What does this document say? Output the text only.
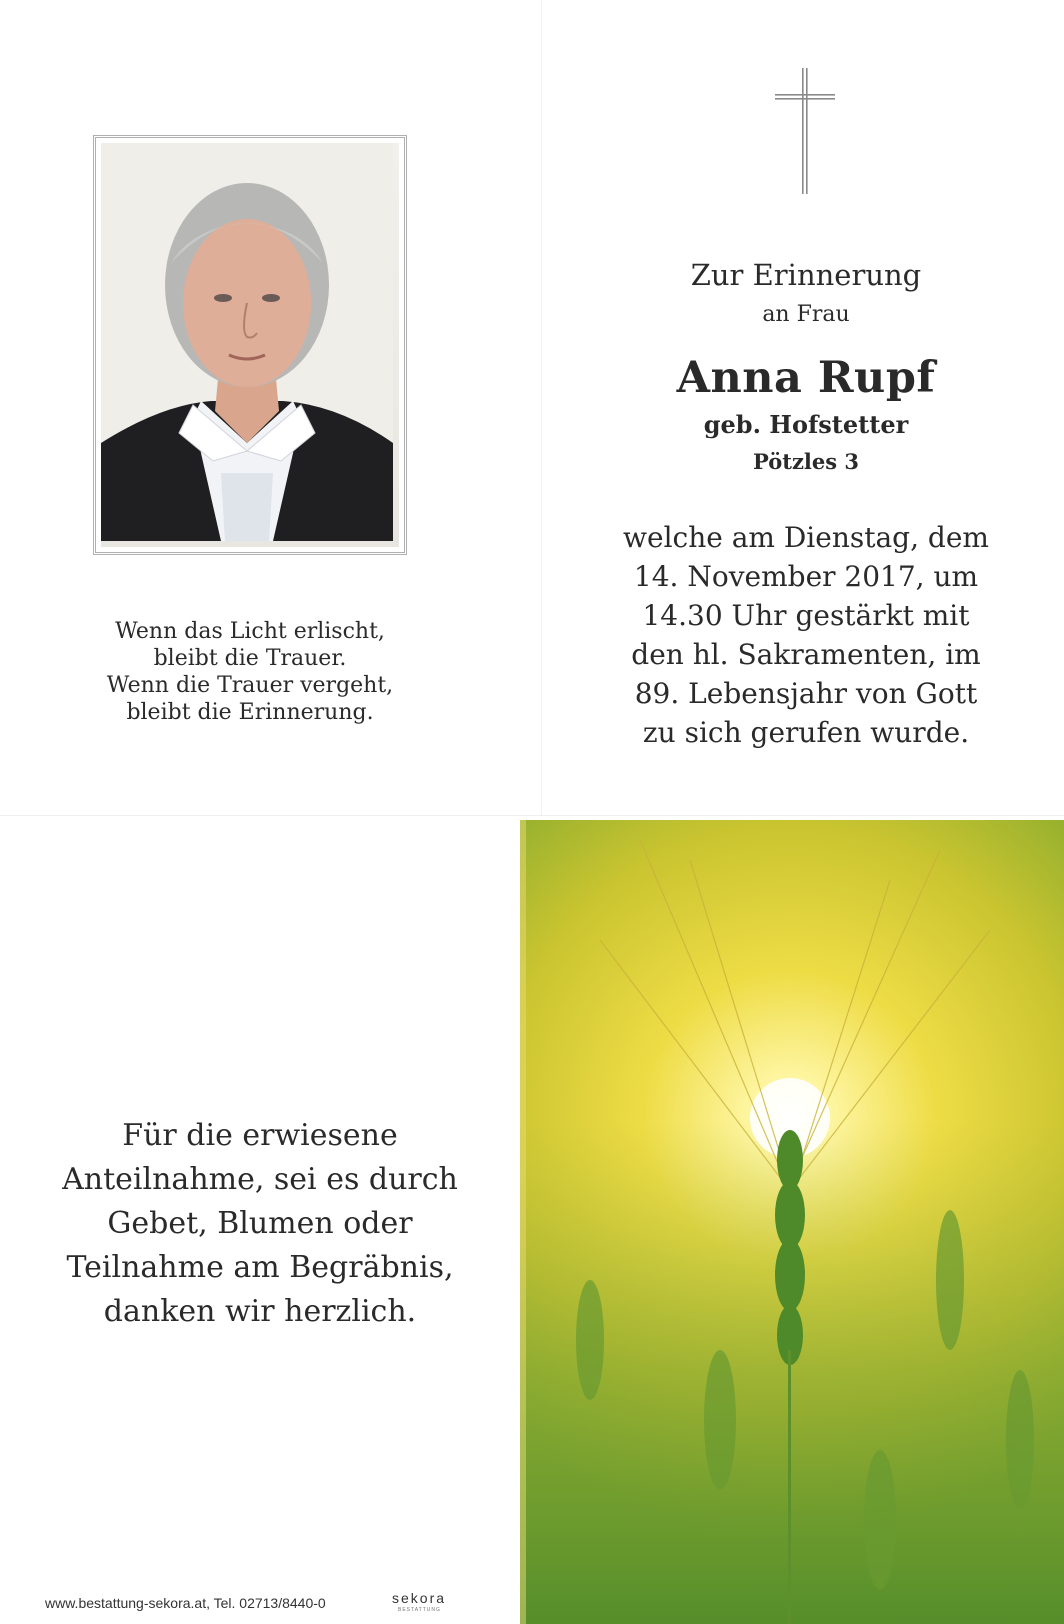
Wenn das Licht erlischt,
bleibt die Trauer.
Wenn die Trauer vergeht,
bleibt die Erinnerung.
Zur Erinnerung
an Frau
Anna Rupf
geb. Hofstetter
Pötzles 3
welche am Dienstag, dem
14. November 2017, um
14.30 Uhr gestärkt mit
den hl. Sakramenten, im
89. Lebensjahr von Gott
zu sich gerufen wurde.
Für die erwiesene
Anteilnahme, sei es durch
Gebet, Blumen oder
Teilnahme am Begräbnis,
danken wir herzlich.
www.bestattung-sekora.at, Tel. 02713/8440-0	sekora
BESTATTUNG
